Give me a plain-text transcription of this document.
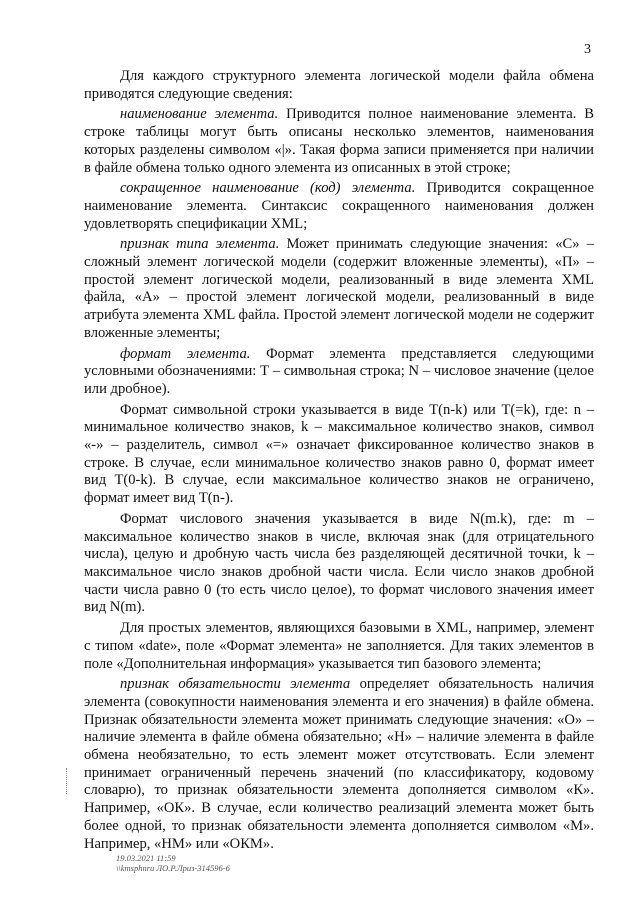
3

Для каждого структурного элемента логической модели файла обмена приводятся следующие сведения:

наименование элемента. Приводится полное наименование элемента. В строке таблицы могут быть описаны несколько элементов, наименования которых разделены символом «|». Такая форма записи применяется при наличии в файле обмена только одного элемента из описанных в этой строке;

сокращенное наименование (код) элемента. Приводится сокращенное наименование элемента. Синтаксис сокращенного наименования должен удовлетворять спецификации XML;

признак типа элемента. Может принимать следующие значения: «С» – сложный элемент логической модели (содержит вложенные элементы), «П» – простой элемент логической модели, реализованный в виде элемента XML файла, «А» – простой элемент логической модели, реализованный в виде атрибута элемента XML файла. Простой элемент логической модели не содержит вложенные элементы;

формат элемента. Формат элемента представляется следующими условными обозначениями: Т – символьная строка; N – числовое значение (целое или дробное).

Формат символьной строки указывается в виде Т(n-k) или T(=k), где: n – минимальное количество знаков, k – максимальное количество знаков, символ «-» – разделитель, символ «=» означает фиксированное количество знаков в строке. В случае, если минимальное количество знаков равно 0, формат имеет вид Т(0-k). В случае, если максимальное количество знаков не ограничено, формат имеет вид Т(n-).

Формат числового значения указывается в виде N(m.k), где: m – максимальное количество знаков в числе, включая знак (для отрицательного числа), целую и дробную часть числа без разделяющей десятичной точки, k – максимальное число знаков дробной части числа. Если число знаков дробной части числа равно 0 (то есть число целое), то формат числового значения имеет вид N(m).

Для простых элементов, являющихся базовыми в XML, например, элемент с типом «date», поле «Формат элемента» не заполняется. Для таких элементов в поле «Дополнительная информация» указывается тип базового элемента;

признак обязательности элемента определяет обязательность наличия элемента (совокупности наименования элемента и его значения) в файле обмена. Признак обязательности элемента может принимать следующие значения: «О» – наличие элемента в файле обмена обязательно; «Н» – наличие элемента в файле обмена необязательно, то есть элемент может отсутствовать. Если элемент принимает ограниченный перечень значений (по классификатору, кодовому словарю), то признак обязательности элемента дополняется символом «К». Например, «ОК». В случае, если количество реализаций элемента может быть более одной, то признак обязательности элемента дополняется символом «М». Например, «НМ» или «ОКМ».

19.03.2021 11:59
\\kmsphnru ЛО.Р.Лриз-314596-6
